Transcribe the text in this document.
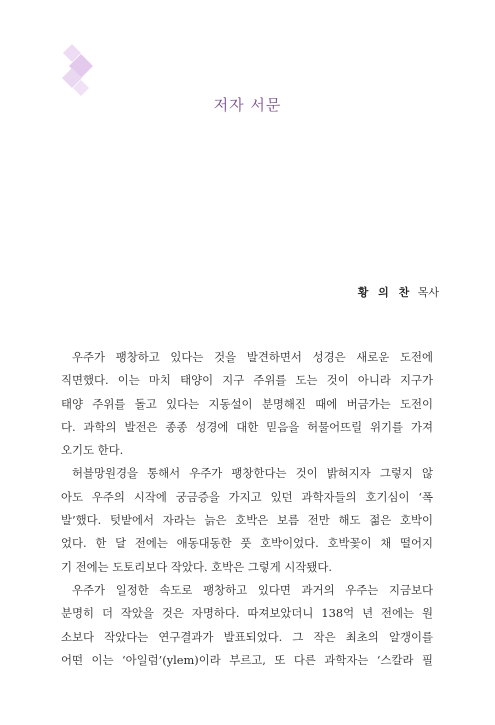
저자 서문
황 의 찬 목사
우주가 팽창하고 있다는 것을 발견하면서 성경은 새로운 도전에
직면했다. 이는 마치 태양이 지구 주위를 도는 것이 아니라 지구가
태양 주위를 돌고 있다는 지동설이 분명해진 때에 버금가는 도전이
다. 과학의 발전은 종종 성경에 대한 믿음을 허물어뜨릴 위기를 가져
오기도 한다.
허블망원경을 통해서 우주가 팽창한다는 것이 밝혀지자 그렇지 않
아도 우주의 시작에 궁금증을 가지고 있던 과학자들의 호기심이 ‘폭
발’했다. 텃밭에서 자라는 늙은 호박은 보름 전만 해도 젊은 호박이
었다. 한 달 전에는 애동대동한 풋 호박이었다. 호박꽃이 채 떨어지
기 전에는 도토리보다 작았다. 호박은 그렇게 시작됐다.
우주가 일정한 속도로 팽창하고 있다면 과거의 우주는 지금보다
분명히 더 작았을 것은 자명하다. 따져보았더니 138억 년 전에는 원
소보다 작았다는 연구결과가 발표되었다. 그 작은 최초의 알갱이를
어떤 이는 ‘아일럼’(ylem)이라 부르고, 또 다른 과학자는 ‘스칼라 필
